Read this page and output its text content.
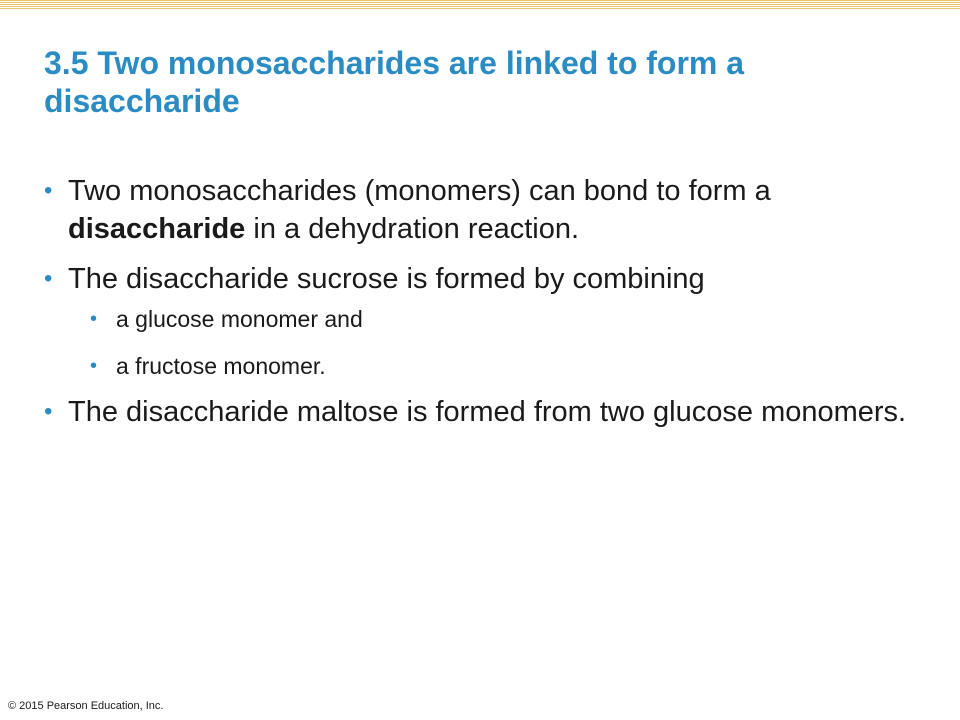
3.5 Two monosaccharides are linked to form a disaccharide
• Two monosaccharides (monomers) can bond to form a disaccharide in a dehydration reaction.
• The disaccharide sucrose is formed by combining
• a glucose monomer and
• a fructose monomer.
• The disaccharide maltose is formed from two glucose monomers.
© 2015 Pearson Education, Inc.
